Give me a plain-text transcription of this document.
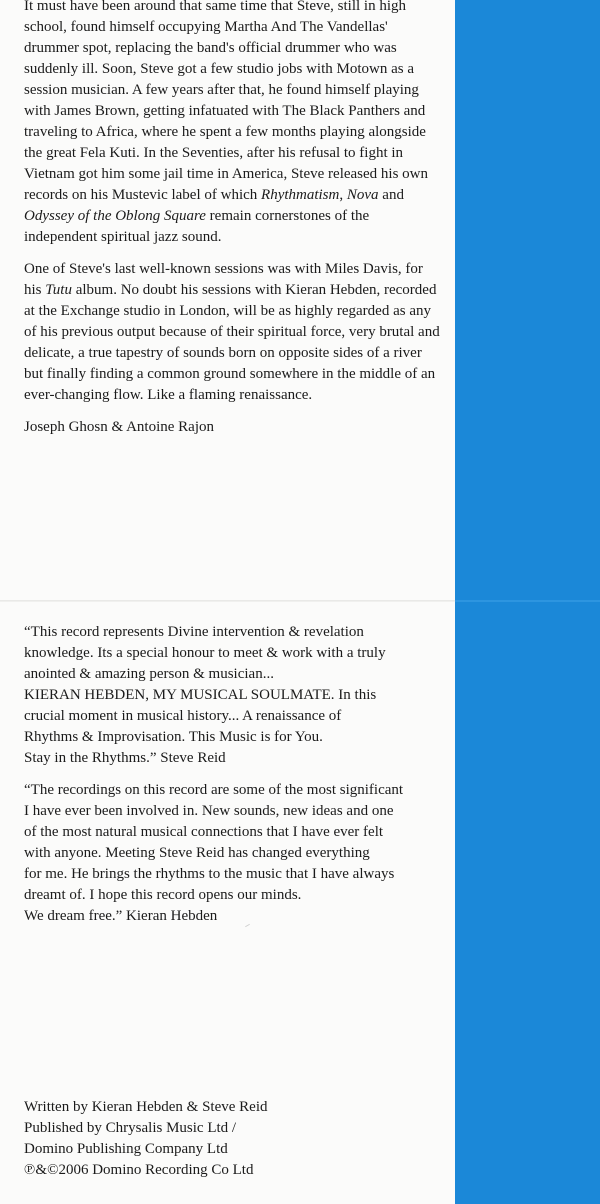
It must have been around that same time that Steve, still in high school, found himself occupying Martha And The Vandellas' drummer spot, replacing the band's official drummer who was suddenly ill. Soon, Steve got a few studio jobs with Motown as a session musician. A few years after that, he found himself playing with James Brown, getting infatuated with The Black Panthers and traveling to Africa, where he spent a few months playing alongside the great Fela Kuti. In the Seventies, after his refusal to fight in Vietnam got him some jail time in America, Steve released his own records on his Mustevic label of which Rhythmatism, Nova and Odyssey of the Oblong Square remain cornerstones of the independent spiritual jazz sound.

One of Steve's last well-known sessions was with Miles Davis, for his Tutu album. No doubt his sessions with Kieran Hebden, recorded at the Exchange studio in London, will be as highly regarded as any of his previous output because of their spiritual force, very brutal and delicate, a true tapestry of sounds born on opposite sides of a river but finally finding a common ground somewhere in the middle of an ever-changing flow. Like a flaming renaissance.

Joseph Ghosn & Antoine Rajon

“This record represents Divine intervention & revelation
knowledge. Its a special honour to meet & work with a truly
anointed & amazing person & musician...
KIERAN HEBDEN, MY MUSICAL SOULMATE. In this
crucial moment in musical history... A renaissance of
Rhythms & Improvisation. This Music is for You.
Stay in the Rhythms.” Steve Reid

“The recordings on this record are some of the most significant
I have ever been involved in. New sounds, new ideas and one
of the most natural musical connections that I have ever felt
with anyone. Meeting Steve Reid has changed everything
for me. He brings the rhythms to the music that I have always
dreamt of. I hope this record opens our minds.
We dream free.” Kieran Hebden

Written by Kieran Hebden & Steve Reid
Published by Chrysalis Music Ltd /
Domino Publishing Company Ltd
℗&©2006 Domino Recording Co Ltd
